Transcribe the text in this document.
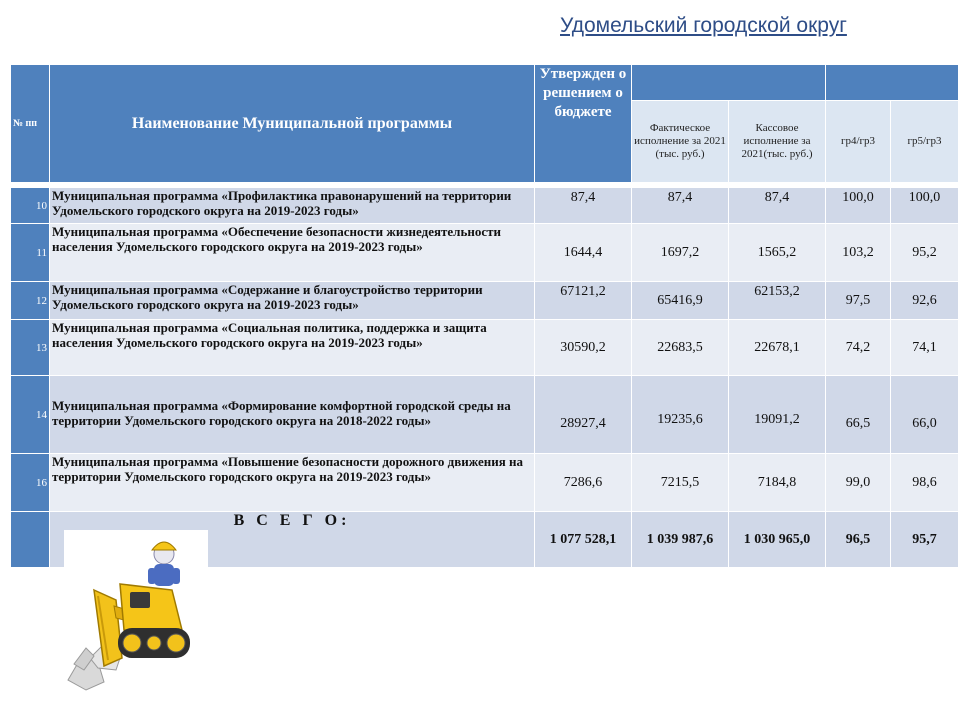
Удомельский городской округ
№ пп	Наименование Муниципальной программы	Утвержден о решением о бюджете				
			Фактическое исполнение за 2021 (тыс. руб.)	Кассовое исполнение за 2021(тыс. руб.)	гр4/гр3	гр5/гр3

10	Муниципальная программа «Профилактика правонарушений на территории Удомельского городского округа на 2019-2023 годы»	87,4	87,4	87,4	100,0	100,0
11	Муниципальная программа «Обеспечение безопасности жизнедеятельности населения Удомельского городского округа на 2019-2023 годы»	1644,4	1697,2	1565,2	103,2	95,2
12	Муниципальная программа «Содержание и благоустройство территории Удомельского городского округа на 2019-2023 годы»	67121,2	65416,9	62153,2	97,5	92,6
13	Муниципальная программа «Социальная политика, поддержка и защита населения Удомельского городского округа на 2019-2023 годы»	30590,2	22683,5	22678,1	74,2	74,1
14	Муниципальная программа «Формирование комфортной городской среды на территории Удомельского городского округа на 2018-2022 годы»	28927,4	19235,6	19091,2	66,5	66,0
16	Муниципальная программа «Повышение безопасности дорожного движения на территории Удомельского городского округа на 2019-2023 годы»	7286,6	7215,5	7184,8	99,0	98,6
	В С Е Г О:	1 077 528,1	1 039 987,6	1 030 965,0	96,5	95,7
